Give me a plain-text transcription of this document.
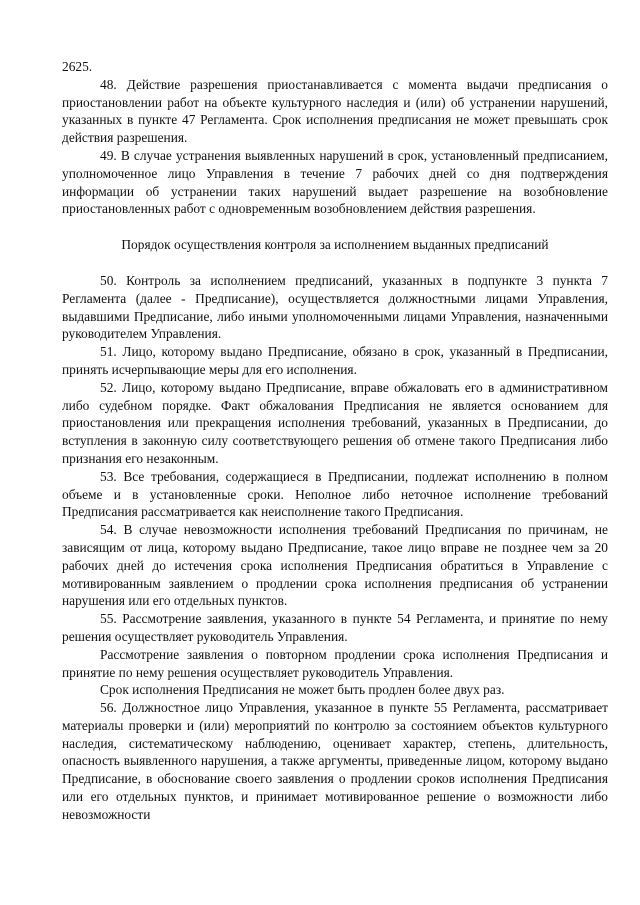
2625.

48. Действие разрешения приостанавливается с момента выдачи предписания о приостановлении работ на объекте культурного наследия и (или) об устранении нарушений, указанных в пункте 47 Регламента. Срок исполнения предписания не может превышать срок действия разрешения.

49. В случае устранения выявленных нарушений в срок, установленный предписанием, уполномоченное лицо Управления в течение 7 рабочих дней со дня подтверждения информации об устранении таких нарушений выдает разрешение на возобновление приостановленных работ с одновременным возобновлением действия разрешения.

Порядок осуществления контроля за исполнением выданных предписаний

50. Контроль за исполнением предписаний, указанных в подпункте 3 пункта 7 Регламента (далее - Предписание), осуществляется должностными лицами Управления, выдавшими Предписание, либо иными уполномоченными лицами Управления, назначенными руководителем Управления.

51. Лицо, которому выдано Предписание, обязано в срок, указанный в Предписании, принять исчерпывающие меры для его исполнения.

52. Лицо, которому выдано Предписание, вправе обжаловать его в административном либо судебном порядке. Факт обжалования Предписания не является основанием для приостановления или прекращения исполнения требований, указанных в Предписании, до вступления в законную силу соответствующего решения об отмене такого Предписания либо признания его незаконным.

53. Все требования, содержащиеся в Предписании, подлежат исполнению в полном объеме и в установленные сроки. Неполное либо неточное исполнение требований Предписания рассматривается как неисполнение такого Предписания.

54. В случае невозможности исполнения требований Предписания по причинам, не зависящим от лица, которому выдано Предписание, такое лицо вправе не позднее чем за 20 рабочих дней до истечения срока исполнения Предписания обратиться в Управление с мотивированным заявлением о продлении срока исполнения предписания об устранении нарушения или его отдельных пунктов.

55. Рассмотрение заявления, указанного в пункте 54 Регламента, и принятие по нему решения осуществляет руководитель Управления.

Рассмотрение заявления о повторном продлении срока исполнения Предписания и принятие по нему решения осуществляет руководитель Управления.

Срок исполнения Предписания не может быть продлен более двух раз.

56. Должностное лицо Управления, указанное в пункте 55 Регламента, рассматривает материалы проверки и (или) мероприятий по контролю за состоянием объектов культурного наследия, систематическому наблюдению, оценивает характер, степень, длительность, опасность выявленного нарушения, а также аргументы, приведенные лицом, которому выдано Предписание, в обоснование своего заявления о продлении сроков исполнения Предписания или его отдельных пунктов, и принимает мотивированное решение о возможности либо невозможности
